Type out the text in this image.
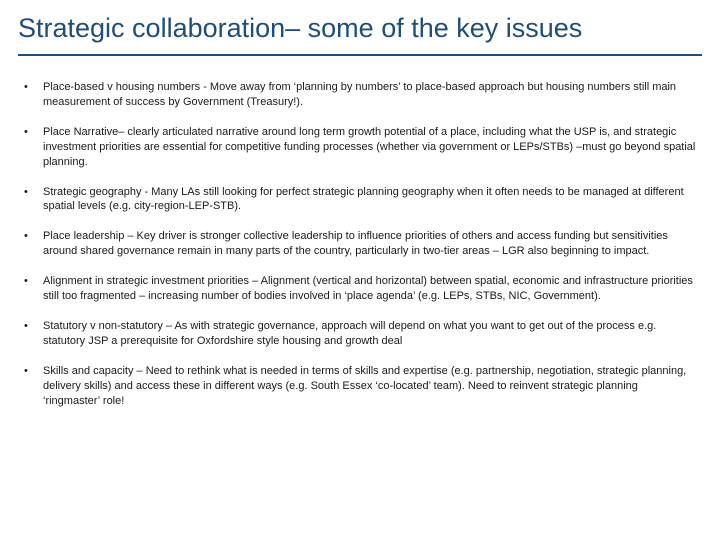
Strategic collaboration– some of the key issues
• Place-based v housing numbers - Move away from ‘planning by numbers’ to place-based approach but housing numbers still main measurement of success by Government (Treasury!).
• Place Narrative– clearly articulated narrative around long term growth potential of a place, including what the USP is, and strategic investment priorities are essential for competitive funding processes (whether via government or LEPs/STBs) –must go beyond spatial planning.
• Strategic geography - Many LAs still looking for perfect strategic planning geography when it often needs to be managed at different spatial levels (e.g. city-region-LEP-STB).
• Place leadership – Key driver is stronger collective leadership to influence priorities of others and access funding but sensitivities around shared governance remain in many parts of the country, particularly in two-tier areas – LGR also beginning to impact.
• Alignment in strategic investment priorities – Alignment (vertical and horizontal) between spatial, economic and infrastructure priorities still too fragmented – increasing number of bodies involved in ‘place agenda’ (e.g. LEPs, STBs, NIC, Government).
• Statutory v non-statutory – As with strategic governance, approach will depend on what you want to get out of the process e.g. statutory JSP a prerequisite for Oxfordshire style housing and growth deal
• Skills and capacity – Need to rethink what is needed in terms of skills and expertise (e.g. partnership, negotiation, strategic planning, delivery skills) and access these in different ways (e.g. South Essex ‘co-located’ team). Need to reinvent strategic planning ‘ringmaster’ role!
